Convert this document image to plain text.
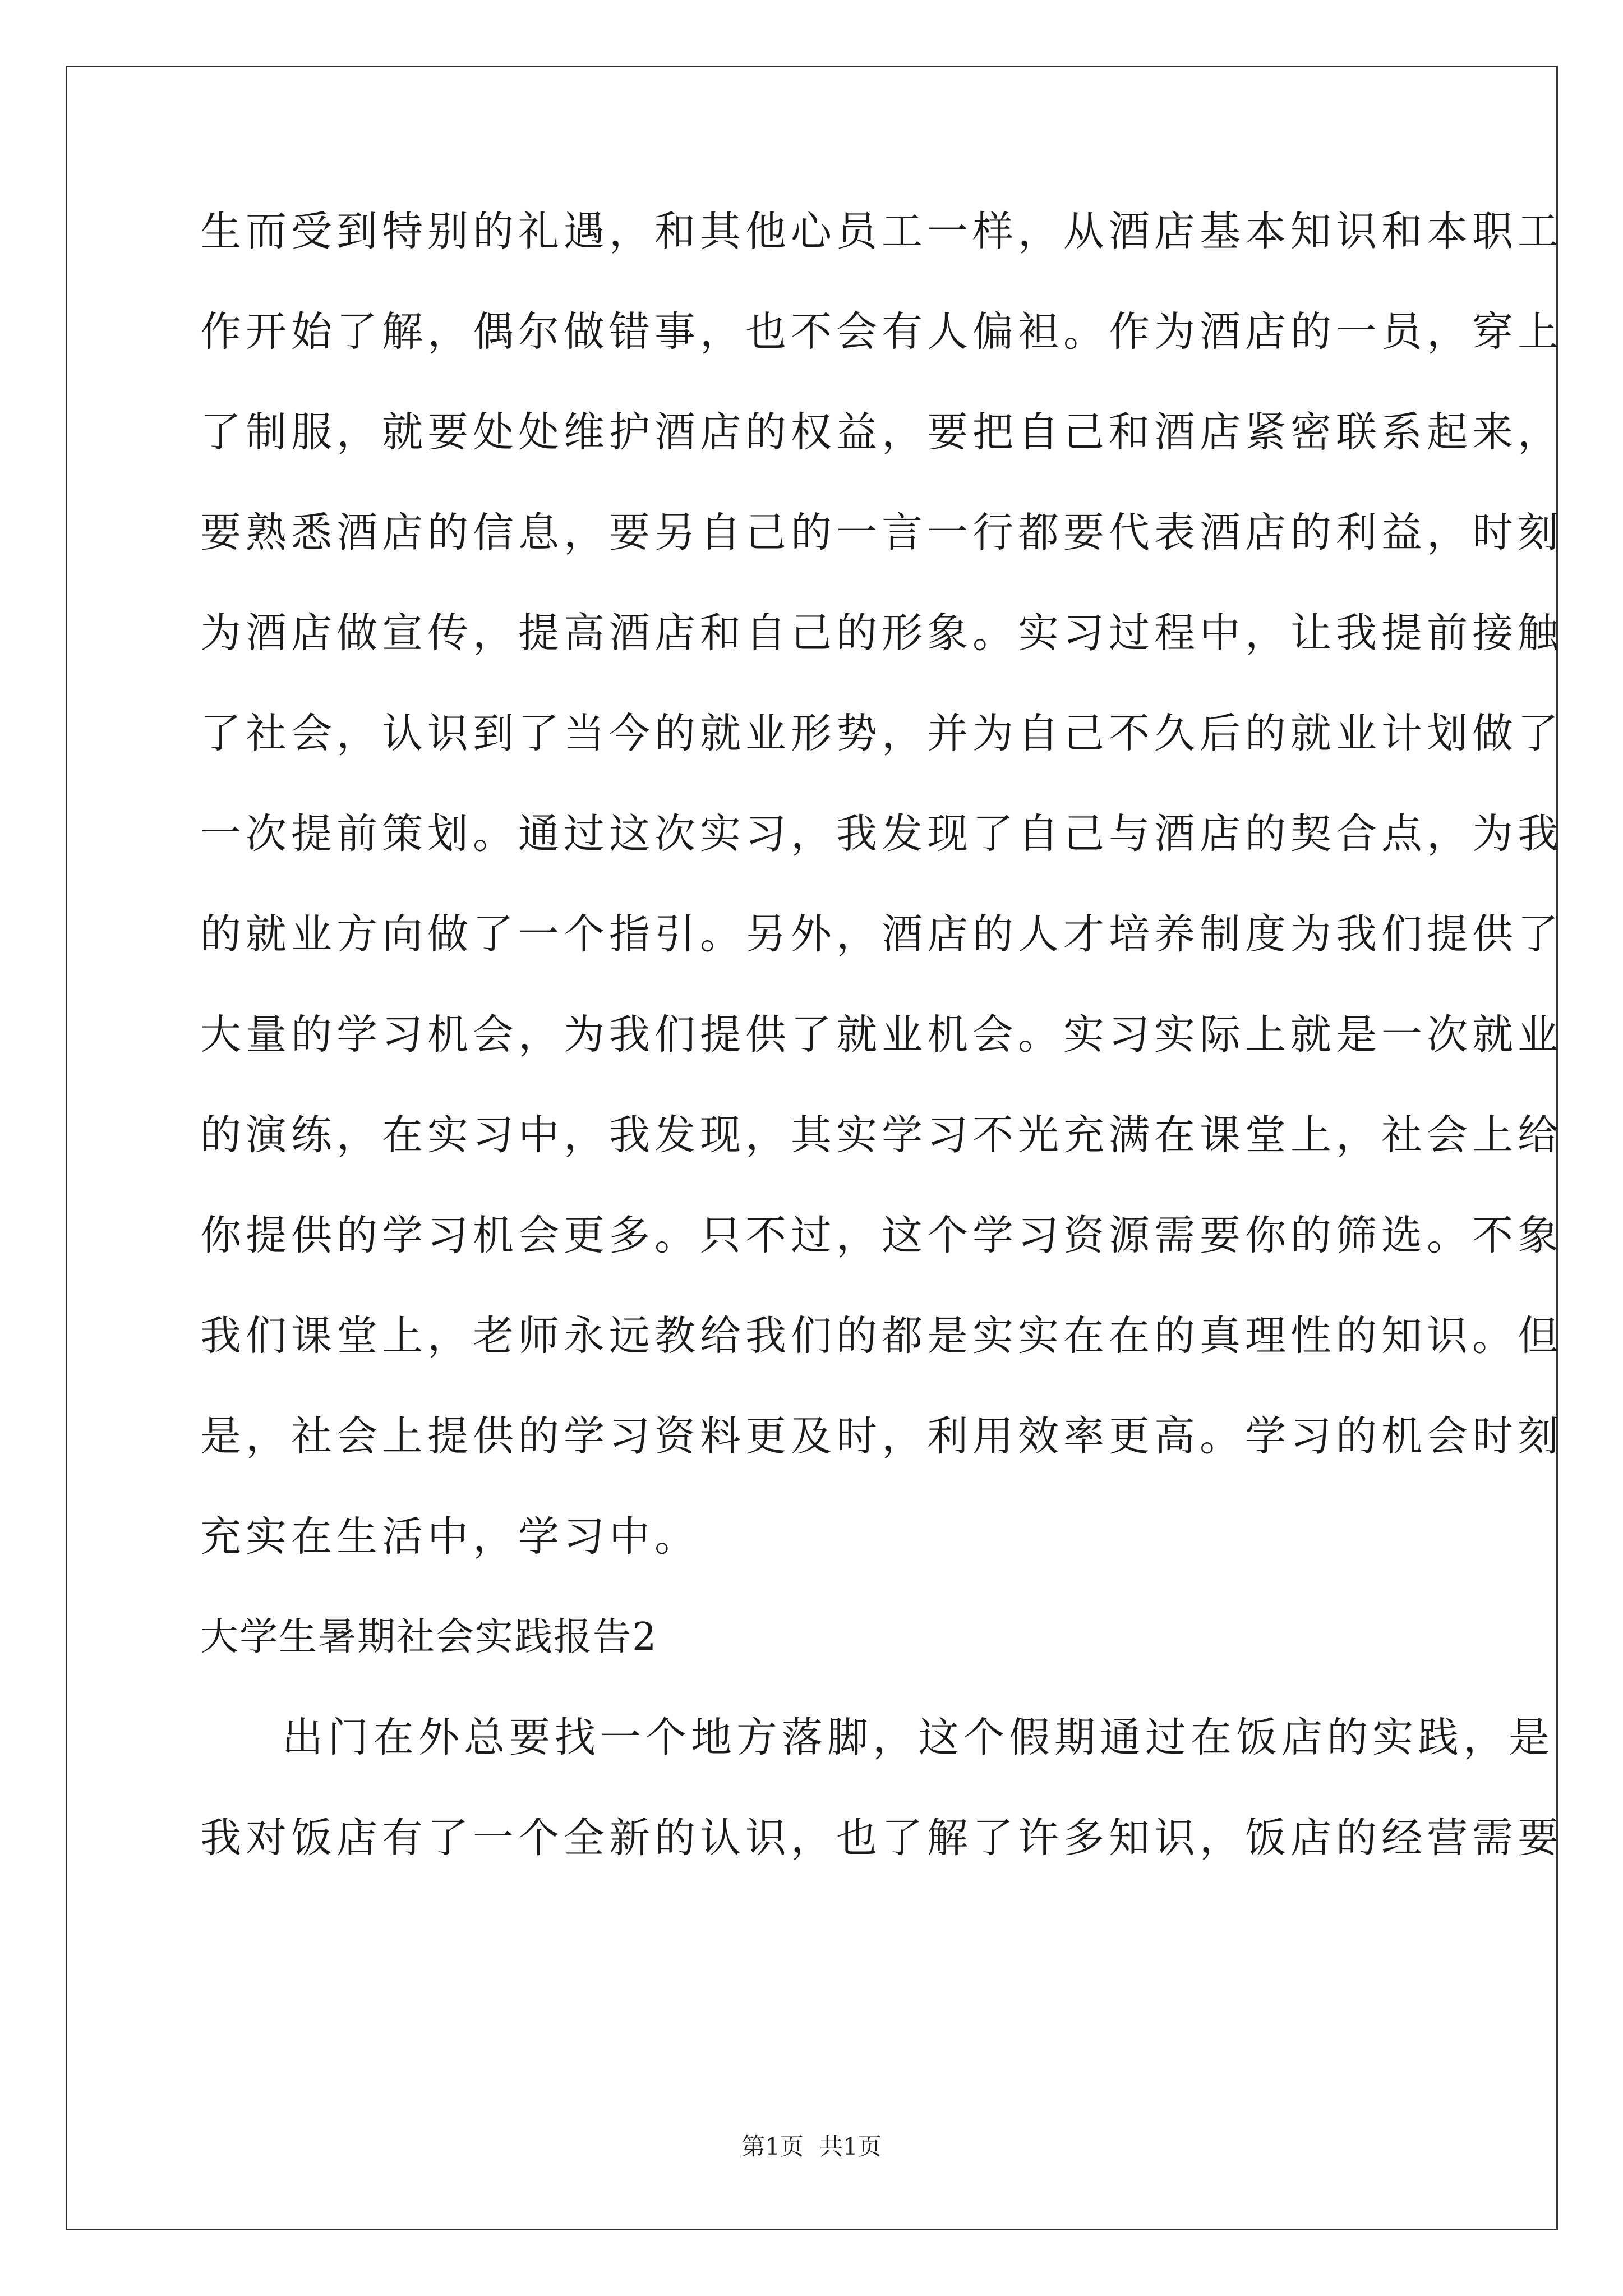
生而受到特别的礼遇，和其他心员工一样，从酒店基本知识和本职工
作开始了解，偶尔做错事，也不会有人偏袒。作为酒店的一员，穿上
了制服，就要处处维护酒店的权益，要把自己和酒店紧密联系起来，
要熟悉酒店的信息，要另自己的一言一行都要代表酒店的利益，时刻
为酒店做宣传，提高酒店和自己的形象。实习过程中，让我提前接触
了社会，认识到了当今的就业形势，并为自己不久后的就业计划做了
一次提前策划。通过这次实习，我发现了自己与酒店的契合点，为我
的就业方向做了一个指引。另外，酒店的人才培养制度为我们提供了
大量的学习机会，为我们提供了就业机会。实习实际上就是一次就业
的演练，在实习中，我发现，其实学习不光充满在课堂上，社会上给
你提供的学习机会更多。只不过，这个学习资源需要你的筛选。不象
我们课堂上，老师永远教给我们的都是实实在在的真理性的知识。但
是，社会上提供的学习资料更及时，利用效率更高。学习的机会时刻
充实在生活中，学习中。
大学生暑期社会实践报告2
出门在外总要找一个地方落脚，这个假期通过在饭店的实践，是
我对饭店有了一个全新的认识，也了解了许多知识，饭店的经营需要
第1页 共1页
